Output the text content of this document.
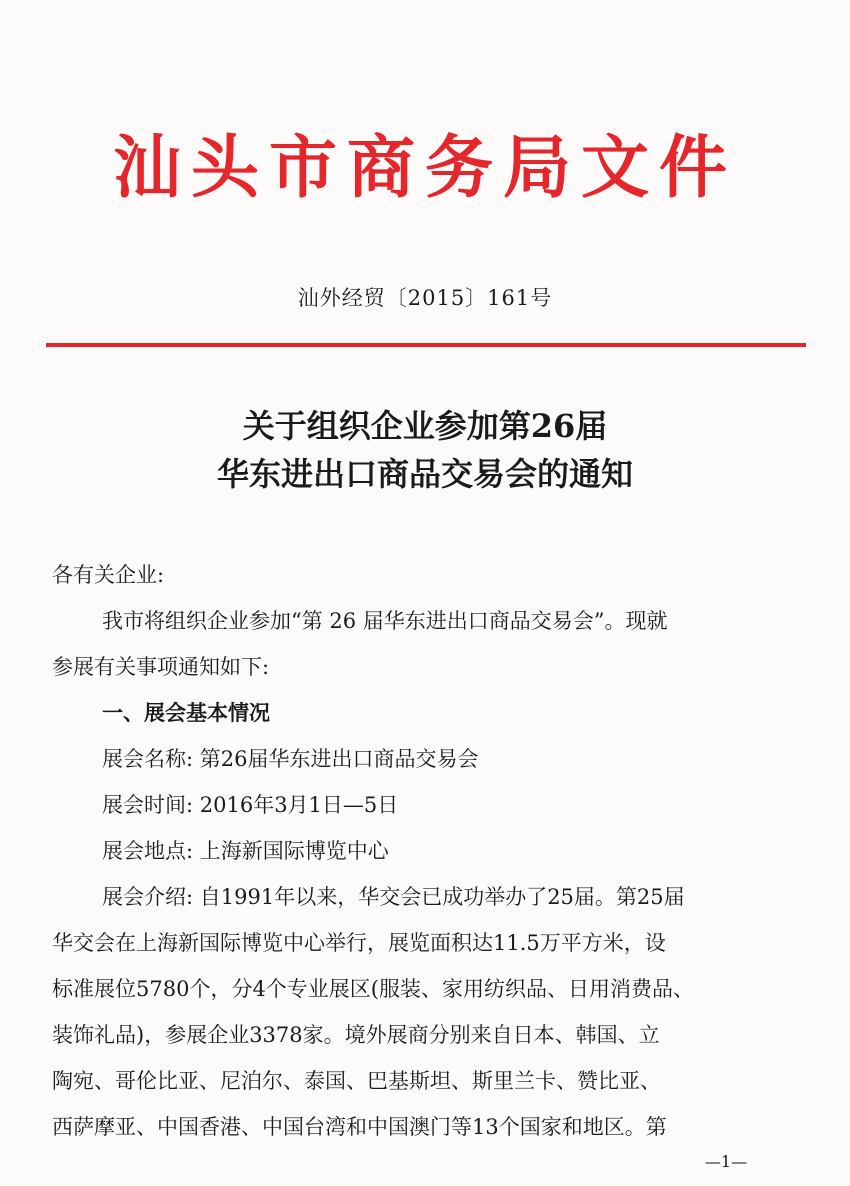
汕头市商务局文件
汕外经贸〔2015〕161号
关于组织企业参加第26届
华东进出口商品交易会的通知
各有关企业:
我市将组织企业参加“第 26 届华东进出口商品交易会”。现就
参展有关事项通知如下:
一、展会基本情况
展会名称: 第26届华东进出口商品交易会
展会时间: 2016年3月1日—5日
展会地点: 上海新国际博览中心
展会介绍: 自1991年以来，华交会已成功举办了25届。第25届
华交会在上海新国际博览中心举行，展览面积达11.5万平方米，设
标准展位5780个，分4个专业展区(服装、家用纺织品、日用消费品、
装饰礼品)，参展企业3378家。境外展商分别来自日本、韩国、立
陶宛、哥伦比亚、尼泊尔、泰国、巴基斯坦、斯里兰卡、赞比亚、
西萨摩亚、中国香港、中国台湾和中国澳门等13个国家和地区。第
—1—
